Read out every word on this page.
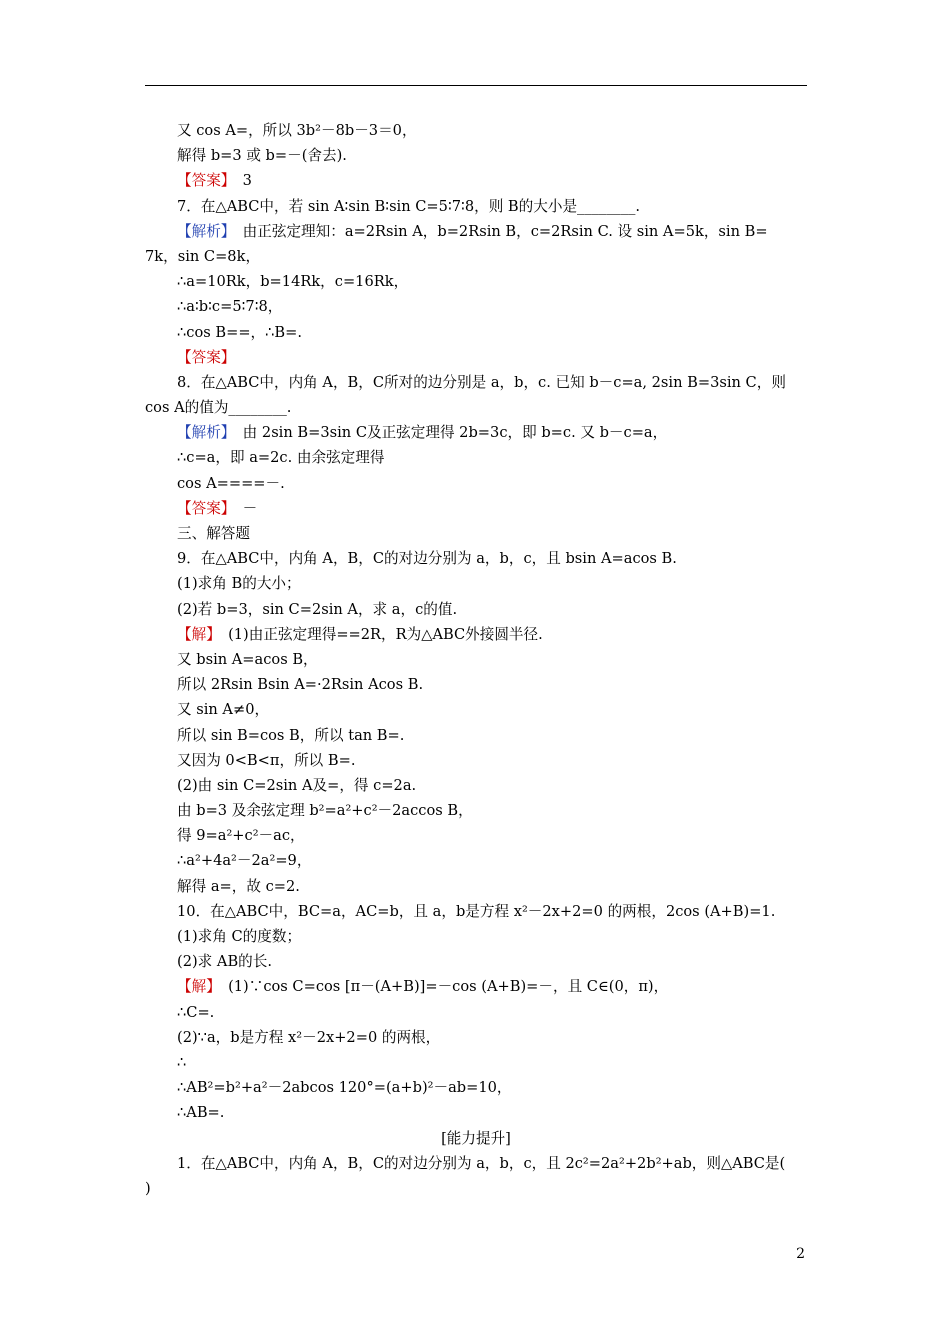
又 cos A=，所以 3b²－8b－3＝0，
解得 b=3 或 b=－(舍去).
【答案】　3
7．在△ABC中，若 sin A∶sin B∶sin C=5∶7∶8，则 B的大小是________.
【解析】　由正弦定理知：a=2Rsin A，b=2Rsin B，c=2Rsin C. 设 sin A=5k，sin B=
7k，sin C=8k，
∴a=10Rk，b=14Rk，c=16Rk，
∴a∶b∶c=5∶7∶8，
∴cos B==，∴B=.
【答案】
8．在△ABC中，内角 A，B，C所对的边分别是 a，b，c. 已知 b－c=a, 2sin B=3sin C，则
cos A的值为________.
【解析】　由 2sin B=3sin C及正弦定理得 2b=3c，即 b=c. 又 b－c=a，
∴c=a，即 a=2c. 由余弦定理得
cos A====－.
【答案】　－
三、解答题
9．在△ABC中，内角 A，B，C的对边分别为 a，b，c，且 bsin A=acos B.
(1)求角 B的大小；
(2)若 b=3，sin C=2sin A，求 a，c的值.
【解】　(1)由正弦定理得==2R，R为△ABC外接圆半径.
又 bsin A=acos B，
所以 2Rsin Bsin A=·2Rsin Acos B.
又 sin A≠0，
所以 sin B=cos B，所以 tan B=.
又因为 0<B<π，所以 B=.
(2)由 sin C=2sin A及=，得 c=2a.
由 b=3 及余弦定理 b²=a²+c²－2accos B，
得 9=a²+c²－ac，
∴a²+4a²－2a²=9，
解得 a=，故 c=2.
10．在△ABC中，BC=a，AC=b，且 a，b是方程 x²－2x+2=0 的两根，2cos (A+B)=1.
(1)求角 C的度数；
(2)求 AB的长.
【解】　(1)∵cos C=cos [π－(A+B)]=－cos (A+B)=－，且 C∈(0，π)，
∴C=.
(2)∵a，b是方程 x²－2x+2=0 的两根，
∴
∴AB²=b²+a²－2abcos 120°=(a+b)²－ab=10，
∴AB=.
[能力提升]
1．在△ABC中，内角 A，B，C的对边分别为 a，b，c，且 2c²=2a²+2b²+ab，则△ABC是(
)
2
